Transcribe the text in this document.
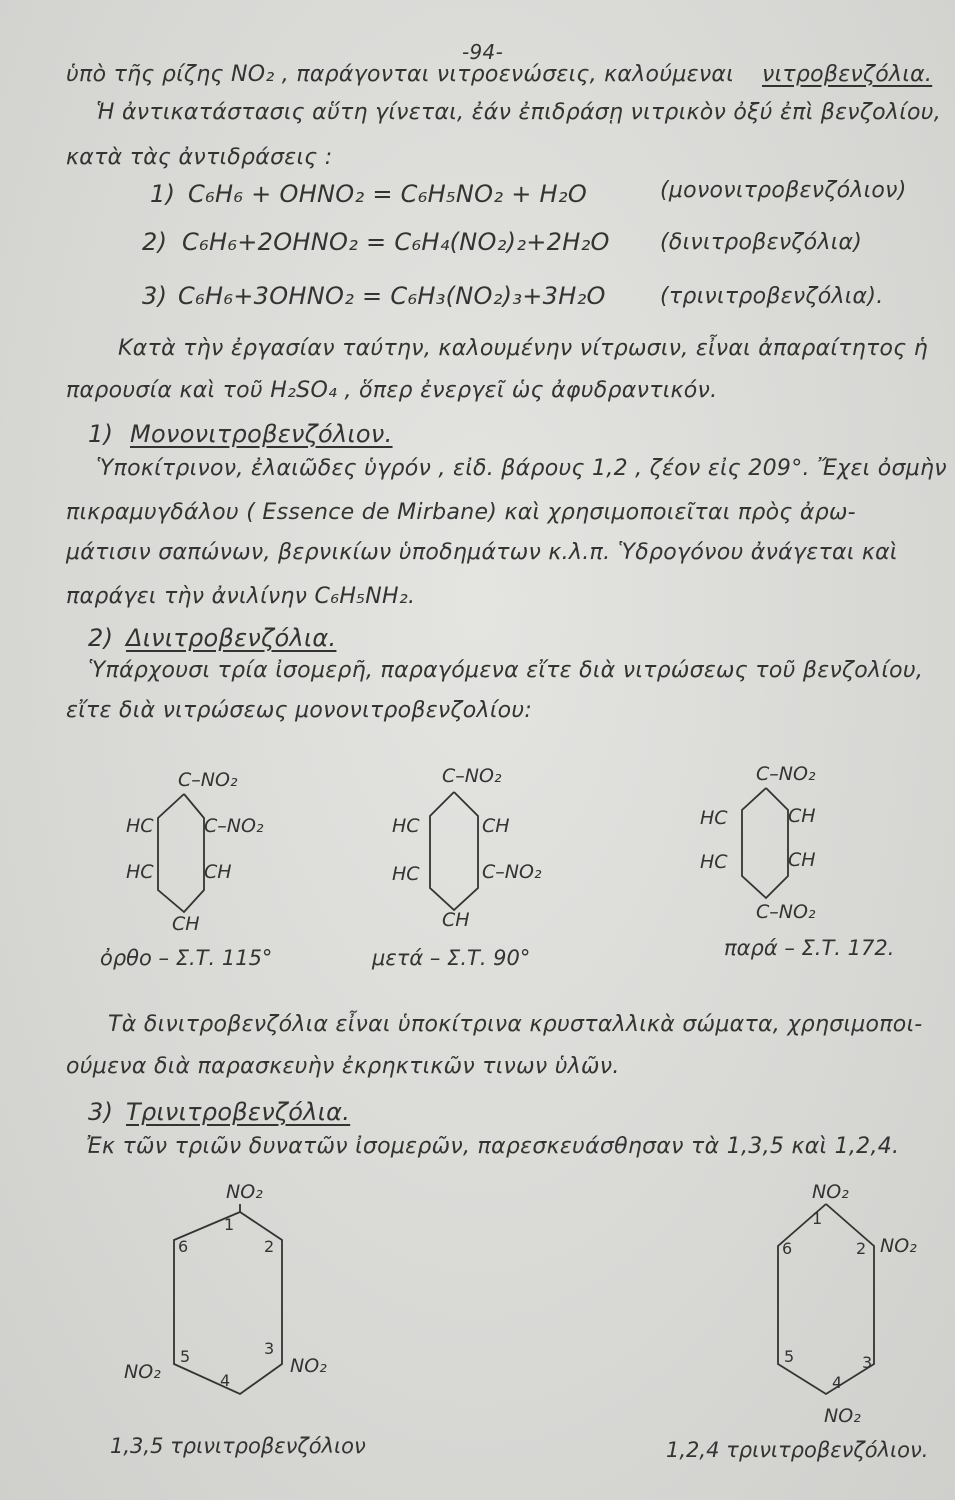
-94-
ὑπὸ τῆς ρίζης NO₂ , παράγονται νιτροενώσεις, καλούμεναι νιτροβενζόλια.
Ἡ ἀντικατάστασις αὕτη γίνεται, ἐάν ἐπιδράσῃ νιτρικὸν ὀξύ ἐπὶ βενζολίου,
κατὰ τὰς ἀντιδράσεις :
1) C₆H₆ + OHNO₂ = C₆H₅NO₂ + H₂O	(μονονιτροβενζόλιον)
2) C₆H₆+2OHNO₂ = C₆H₄(NO₂)₂+2H₂O (δινιτροβενζόλια)
3) C₆H₆+3OHNO₂ = C₆H₃(NO₂)₃+3H₂O (τρινιτροβενζόλια).
Κατὰ τὴν ἐργασίαν ταύτην, καλουμένην νίτρωσιν, εἶναι ἀπαραίτητος ἡ
παρουσία καὶ τοῦ H₂SO₄ , ὅπερ ἐνεργεῖ ὡς ἀφυδραντικόν.
1) Μονονιτροβενζόλιον.
Ὑποκίτρινον, ἐλαιῶδες ὑγρόν , εἰδ. βάρους 1,2 , ζέον εἰς 209°. Ἔχει ὀσμὴν
πικραμυγδάλου ( Essence de Mirbane) καὶ χρησιμοποιεῖται πρὸς ἀρω-
μάτισιν σαπώνων, βερνικίων ὑποδημάτων κ.λ.π. Ὑδρογόνου ἀνάγεται καὶ
παράγει τὴν ἀνιλίνην C₆H₅NH₂.
2) Δινιτροβενζόλια.
Ὑπάρχουσι τρία ἰσομερῆ, παραγόμενα εἴτε διὰ νιτρώσεως τοῦ βενζολίου,
εἴτε διὰ νιτρώσεως μονονιτροβενζολίου:
C–NO₂
HC	C–NO₂
HC	CH
CH
ὀρθο – Σ.Τ. 115°
C–NO₂
HC	CH
HC	C–NO₂
CH
μετά – Σ.Τ. 90°
C–NO₂
HC	CH
HC	CH
C–NO₂
παρά – Σ.Τ. 172.
Τὰ δινιτροβενζόλια εἶναι ὑποκίτρινα κρυσταλλικὰ σώματα, χρησιμοποι-
ούμενα διὰ παρασκευὴν ἐκρηκτικῶν τινων ὑλῶν.
3) Τρινιτροβενζόλια.
Ἐκ τῶν τριῶν δυνατῶν ἰσομερῶν, παρεσκευάσθησαν τὰ 1,3,5 καὶ 1,2,4.
NO₂
1
2
3
4
5
6
NO₂	NO₂
1,3,5 τρινιτροβενζόλιον
NO₂
1
2
3
4
5
6	NO₂
NO₂
1,2,4 τρινιτροβενζόλιον.
